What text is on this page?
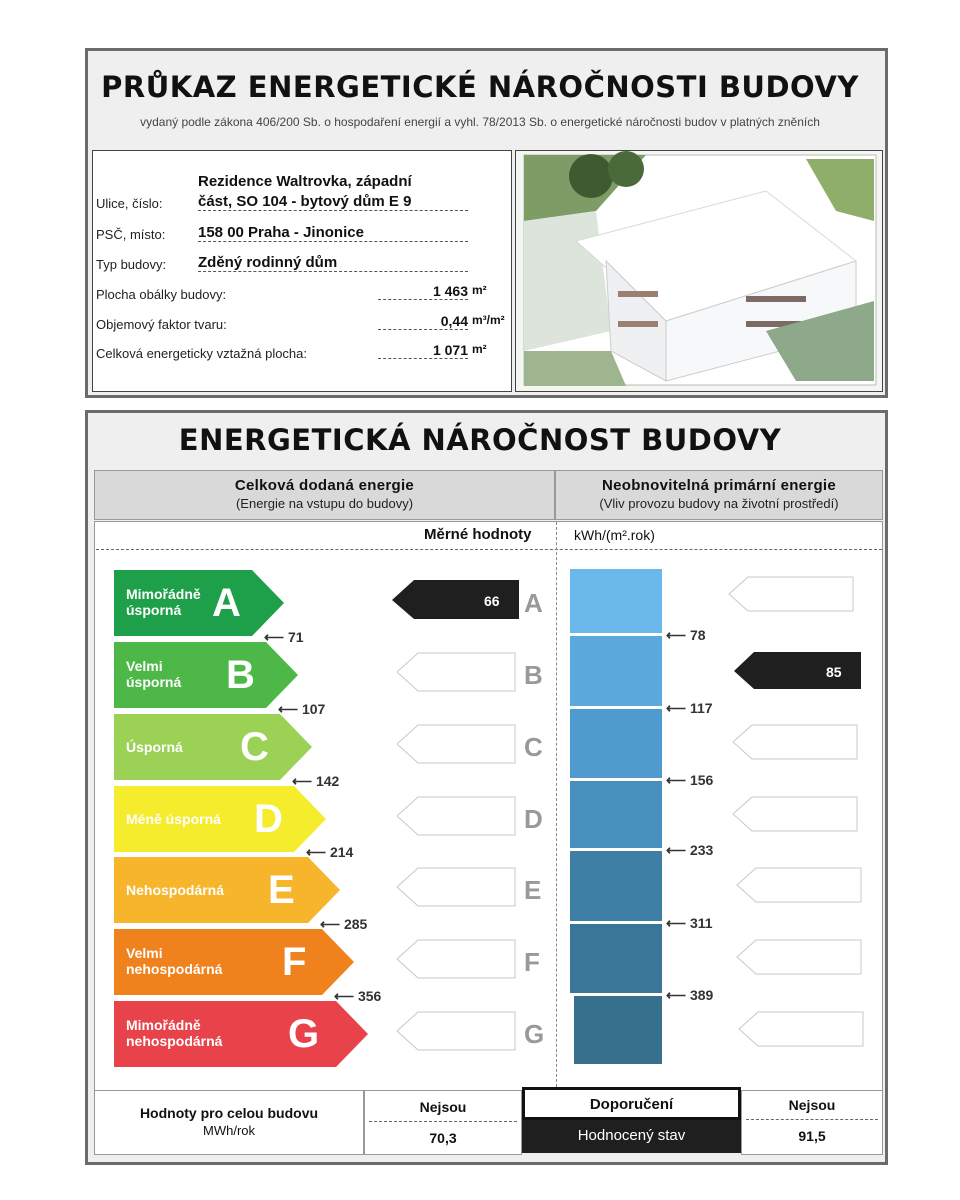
PRŮKAZ ENERGETICKÉ NÁROČNOSTI BUDOVY
vydaný podle zákona 406/200 Sb. o hospodaření energií a vyhl. 78/2013 Sb. o energetické náročnosti budov v platných zněních
Rezidence Waltrovka, západní
Ulice, číslo: část, SO 104 - bytový dům E 9
PSČ, místo: 158 00 Praha - Jinonice
Typ budovy: Zděný rodinný dům
Plocha obálky budovy:	1 463 m²
Objemový faktor tvaru:	0,44 m³/m²
Celková energeticky vztažná plocha:	1 071 m²
ENERGETICKÁ NÁROČNOST BUDOVY
Celková dodaná energie
(Energie na vstupu do budovy)
Neobnovitelná primární energie
(Vliv provozu budovy na životní prostředí)
Měrné hodnoty	kWh/(m².rok)
Mimořádně
úsporná A
Velmi
úsporná B
Úsporná C
Méně úsporná D
Nehospodárná E
Velmi
nehospodárná F
Mimořádně
nehospodárná G
⟵ 71
⟵ 107
⟵ 142
⟵ 214
⟵ 285
⟵ 356
66 A
B
C
D
E
F
G
⟵ 78
⟵ 117
⟵ 156
⟵ 233
⟵ 311
⟵ 389
85
Hodnoty pro celou budovu
MWh/rok
Nejsou
70,3
Doporučení
Hodnocený stav
Nejsou
91,5
